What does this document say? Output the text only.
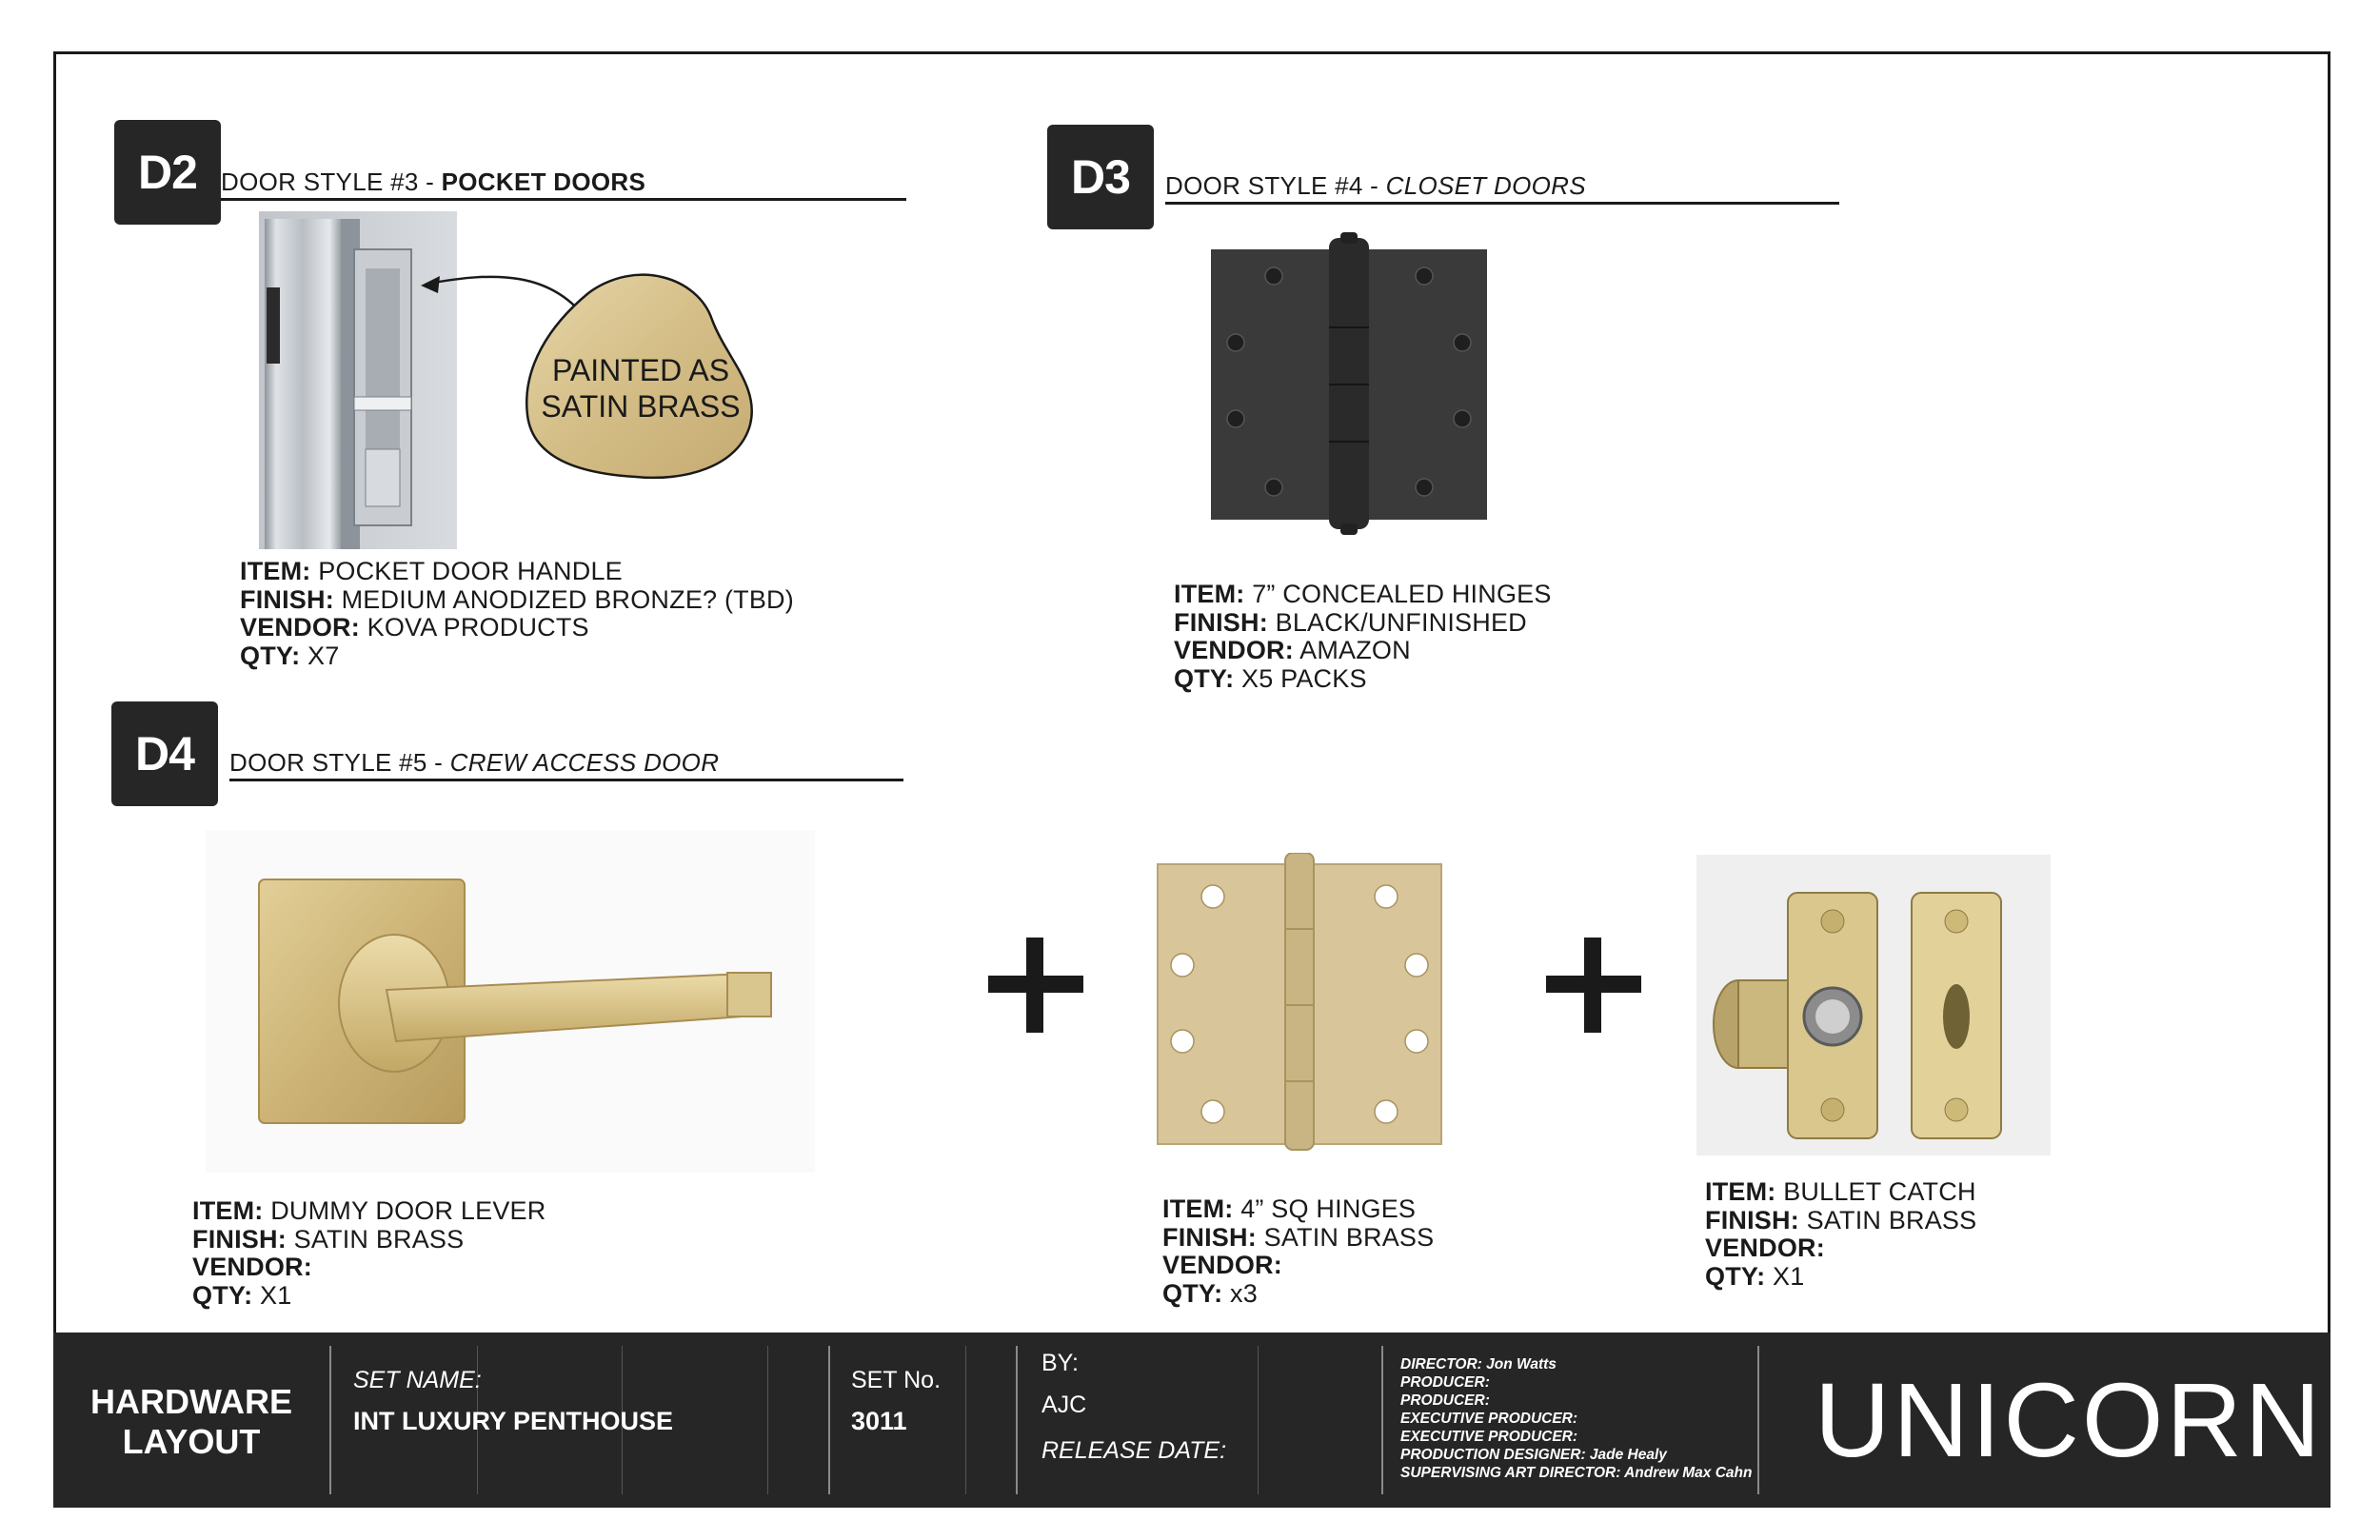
D2 DOOR STYLE #3 - POCKET DOORS
PAINTED AS
SATIN BRASS
ITEM: POCKET DOOR HANDLE
FINISH: MEDIUM ANODIZED BRONZE? (TBD)
VENDOR: KOVA PRODUCTS
QTY: X7
D3	DOOR STYLE #4 - CLOSET DOORS
ITEM: 7” CONCEALED HINGES
FINISH: BLACK/UNFINISHED
VENDOR: AMAZON
QTY: X5 PACKS
D4	DOOR STYLE #5 - CREW ACCESS DOOR
ITEM: DUMMY DOOR LEVER
FINISH: SATIN BRASS
VENDOR:
QTY: X1
ITEM: 4” SQ HINGES
FINISH: SATIN BRASS
VENDOR:
QTY: x3
ITEM: BULLET CATCH
FINISH: SATIN BRASS
VENDOR:
QTY: X1
HARDWARE
LAYOUT
SET NAME:
INT LUXURY PENTHOUSE
SET No.
3011
BY:
AJC
RELEASE DATE:
DIRECTOR: Jon Watts
PRODUCER:
PRODUCER:
EXECUTIVE PRODUCER:
EXECUTIVE PRODUCER:
PRODUCTION DESIGNER: Jade Healy
SUPERVISING ART DIRECTOR: Andrew Max Cahn UNICORN
